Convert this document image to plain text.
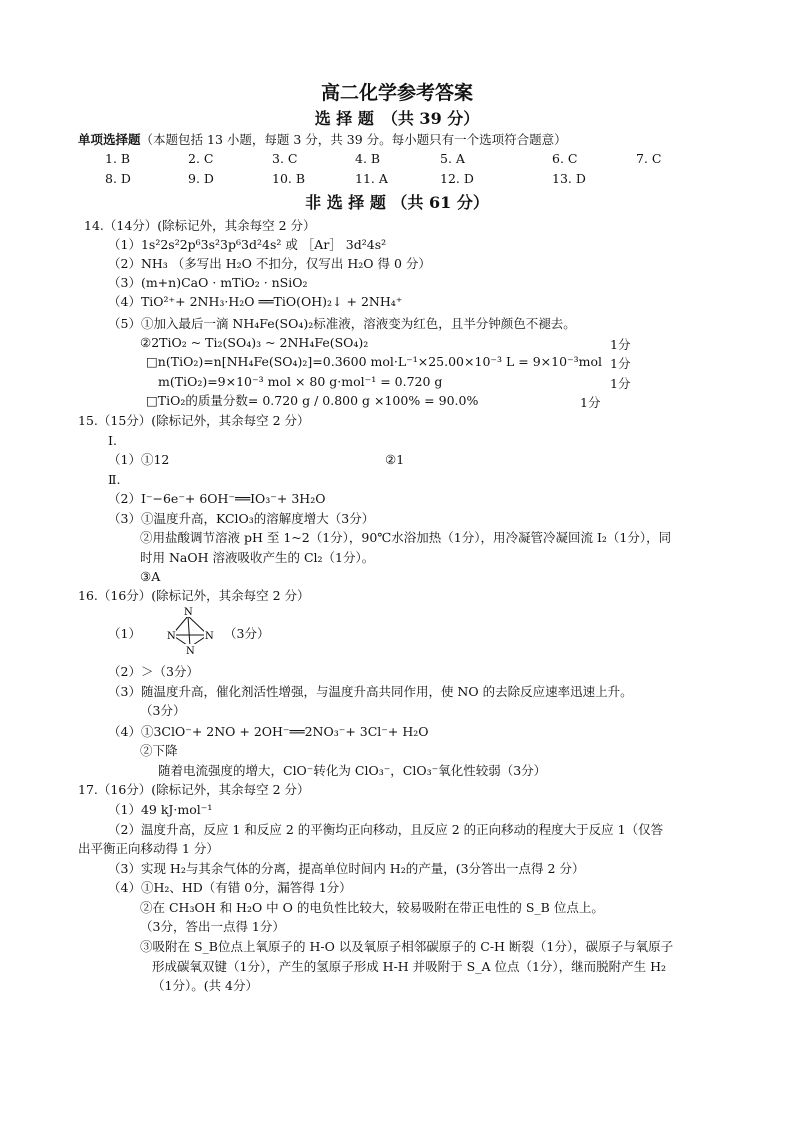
高二化学参考答案
选 择 题　（共 39 分）
单项选择题（本题包括 13 小题，每题 3 分，共 39 分。每小题只有一个选项符合题意）
1. B	2. C	3. C	4. B	5. A	6. C	7. C
8. D	9. D	10. B	11. A	12. D	13. D
非 选 择 题 （共 61 分）
14.（14分）(除标记外，其余每空 2 分）
（1）1s²2s²2p⁶3s²3p⁶3d²4s² 或 ［Ar］ 3d²4s²
（2）NH₃ （多写出 H₂O 不扣分，仅写出 H₂O 得 0 分）
（3）(m+n)CaO · mTiO₂ · nSiO₂
（4）TiO²⁺+ 2NH₃·H₂O ══TiO(OH)₂↓ + 2NH₄⁺
（5）①加入最后一滴 NH₄Fe(SO₄)₂标准液，溶液变为红色，且半分钟颜色不褪去。
②2TiO₂ ~ Ti₂(SO₄)₃ ~ 2NH₄Fe(SO₄)₂	1分
□n(TiO₂)=n[NH₄Fe(SO₄)₂]=0.3600 mol·L⁻¹×25.00×10⁻³ L = 9×10⁻³mol 1分
m(TiO₂)=9×10⁻³ mol × 80 g·mol⁻¹ = 0.720 g	1分
□TiO₂的质量分数= 0.720 g / 0.800 g ×100% = 90.0%	1分
15.（15分）(除标记外，其余每空 2 分）
Ⅰ.
（1）①12	②1
Ⅱ.
（2）I⁻−6e⁻+ 6OH⁻══IO₃⁻+ 3H₂O
（3）①温度升高，KClO₃的溶解度增大（3分）
②用盐酸调节溶液 pH 至 1~2（1分），90℃水浴加热（1分），用冷凝管冷凝回流 I₂（1分），同
时用 NaOH 溶液吸收产生的 Cl₂（1分）。
③A
16.（16分）(除标记外，其余每空 2 分）
（1）
N
N	N
N
（3分）
（2）＞（3分）
（3）随温度升高，催化剂活性增强，与温度升高共同作用，使 NO 的去除反应速率迅速上升。
（3分）
（4）①3ClO⁻+ 2NO + 2OH⁻══2NO₃⁻+ 3Cl⁻+ H₂O
②下降
随着电流强度的增大，ClO⁻转化为 ClO₃⁻，ClO₃⁻氧化性较弱（3分）
17.（16分）(除标记外，其余每空 2 分）
（1）49 kJ·mol⁻¹
（2）温度升高，反应 1 和反应 2 的平衡均正向移动，且反应 2 的正向移动的程度大于反应 1（仅答
出平衡正向移动得 1 分）
（3）实现 H₂与其余气体的分离，提高单位时间内 H₂的产量，(3分答出一点得 2 分）
（4）①H₂、HD（有错 0分，漏答得 1分）
②在 CH₃OH 和 H₂O 中 O 的电负性比较大，较易吸附在带正电性的 S_B 位点上。
（3分，答出一点得 1分）
③吸附在 S_B位点上氧原子的 H-O 以及氧原子相邻碳原子的 C-H 断裂（1分），碳原子与氧原子
形成碳氧双键（1分），产生的氢原子形成 H-H 并吸附于 S_A 位点（1分），继而脱附产生 H₂
（1分）。(共 4分）
